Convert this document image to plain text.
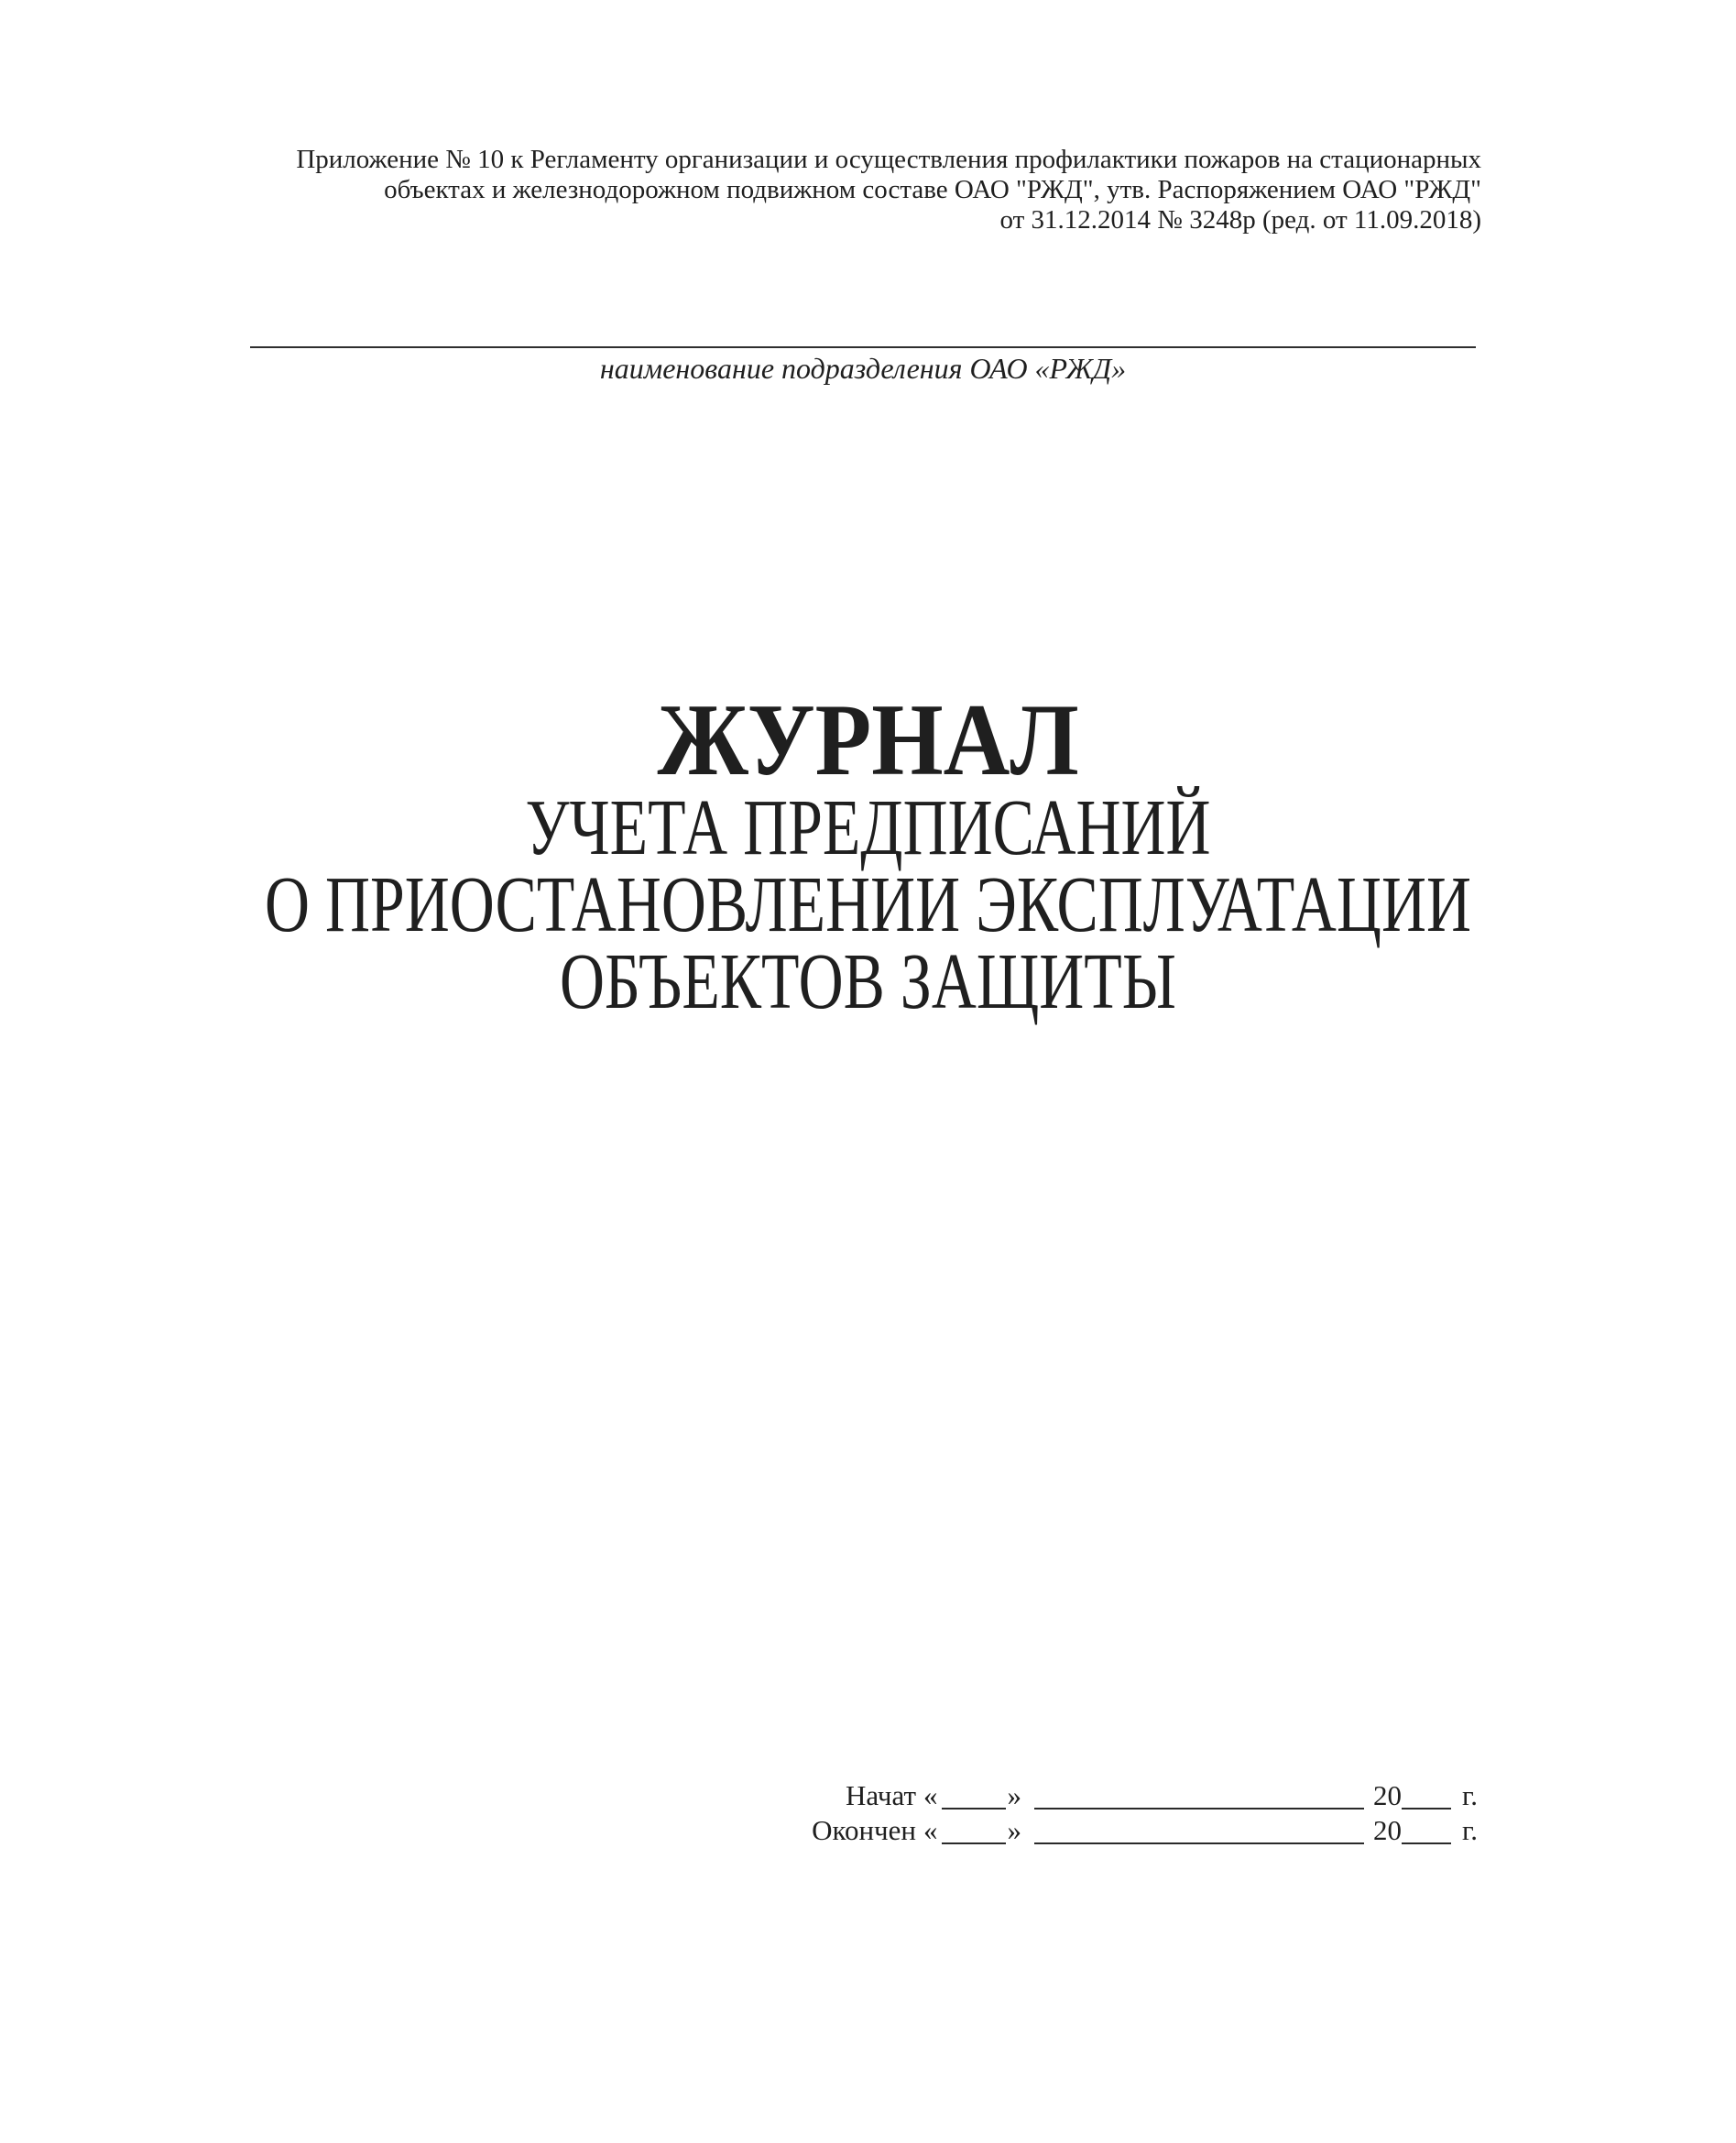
Приложение № 10 к Регламенту организации и осуществления профилактики пожаров на стационарных
объектах и железнодорожном подвижном составе ОАО "РЖД", утв. Распоряжением ОАО "РЖД"
от 31.12.2014 № 3248р (ред. от 11.09.2018)
наименование подразделения ОАО «РЖД»
ЖУРНАЛ
УЧЕТА ПРЕДПИСАНИЙ
О ПРИОСТАНОВЛЕНИИ ЭКСПЛУАТАЦИИ
ОБЪЕКТОВ ЗАЩИТЫ
Начат « »	20 г.
Окончен « »	20 г.
